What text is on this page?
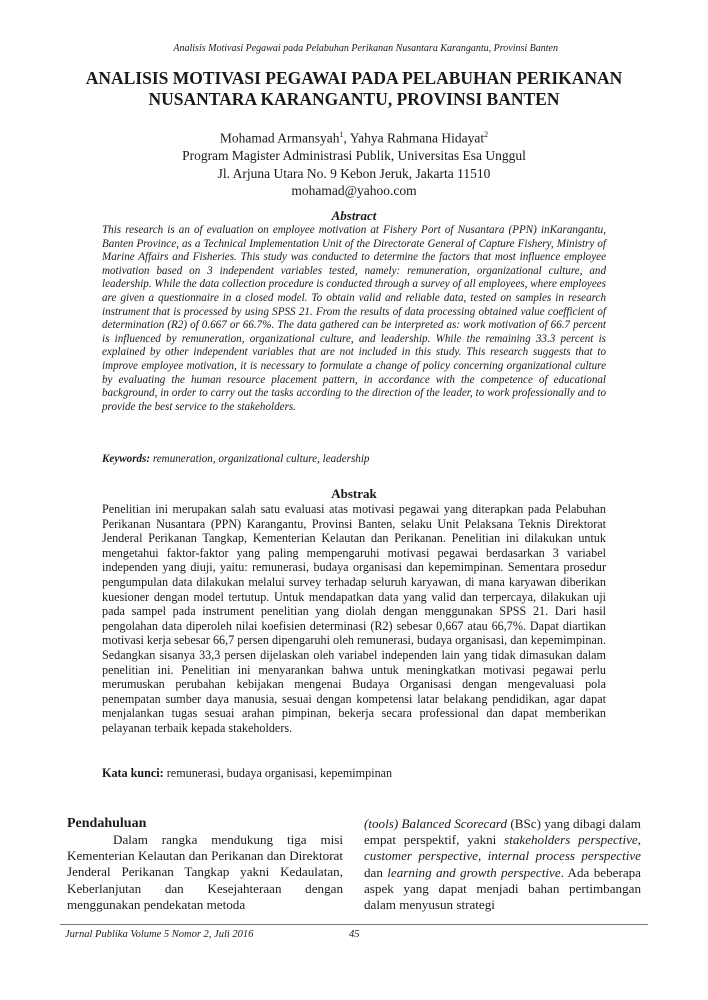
Analisis Motivasi Pegawai pada Pelabuhan Perikanan Nusantara Karangantu, Provinsi Banten
ANALISIS MOTIVASI PEGAWAI PADA PELABUHAN PERIKANAN
NUSANTARA KARANGANTU, PROVINSI BANTEN
Mohamad Armansyah$^1$, Yahya Rahmana Hidayat$^2$
Program Magister Administrasi Publik, Universitas Esa Unggul
Jl. Arjuna Utara No. 9 Kebon Jeruk, Jakarta 11510
mohamad@yahoo.com
Abstract
This research is an of evaluation on employee motivation at Fishery Port of Nusantara (PPN) inKarangantu, Banten Province, as a Technical Implementation Unit of the Directorate General of Capture Fishery, Ministry of Marine Affairs and Fisheries. This study was conducted to determine the factors that most influence employee motivation based on 3 independent variables tested, namely: remuneration, organizational culture, and leadership. While the data collection procedure is conducted through a survey of all employees, where employees are given a questionnaire in a closed model. To obtain valid and reliable data, tested on samples in research instrument that is processed by using SPSS 21. From the results of data processing obtained value coefficient of determination (R2) of 0.667 or 66.7%. The data gathered can be interpreted as: work motivation of 66.7 percent is influenced by remuneration, organizational culture, and leadership. While the remaining 33.3 percent is explained by other independent variables that are not included in this study. This research suggests that to improve employee motivation, it is necessary to formulate a change of policy concerning organizational culture by evaluating the human resource placement pattern, in accordance with the competence of educational background, in order to carry out the tasks according to the direction of the leader, to work professionally and to provide the best service to the stakeholders.
Keywords: remuneration, organizational culture, leadership
Abstrak
Penelitian ini merupakan salah satu evaluasi atas motivasi pegawai yang diterapkan pada Pelabuhan Perikanan Nusantara (PPN) Karangantu, Provinsi Banten, selaku Unit Pelaksana Teknis Direktorat Jenderal Perikanan Tangkap, Kementerian Kelautan dan Perikanan. Penelitian ini dilakukan untuk mengetahui faktor-faktor yang paling mempengaruhi motivasi pegawai berdasarkan 3 variabel independen yang diuji, yaitu: remunerasi, budaya organisasi dan kepemimpinan. Sementara prosedur pengumpulan data dilakukan melalui survey terhadap seluruh karyawan, di mana karyawan diberikan kuesioner dengan model tertutup. Untuk mendapatkan data yang valid dan terpercaya, dilakukan uji pada sampel pada instrument penelitian yang diolah dengan menggunakan SPSS 21. Dari hasil pengolahan data diperoleh nilai koefisien determinasi (R2) sebesar 0,667 atau 66,7%. Dapat diartikan motivasi kerja sebesar 66,7 persen dipengaruhi oleh remunerasi, budaya organisasi, dan kepemimpinan. Sedangkan sisanya 33,3 persen dijelaskan oleh variabel independen lain yang tidak dimasukan dalam penelitian ini. Penelitian ini menyarankan bahwa untuk meningkatkan motivasi pegawai perlu merumuskan perubahan kebijakan mengenai Budaya Organisasi dengan mengevaluasi pola penempatan sumber daya manusia, sesuai dengan kompetensi latar belakang pendidikan, agar dapat menjalankan tugas sesuai arahan pimpinan, bekerja secara professional dan dapat memberikan pelayanan terbaik kepada stakeholders.
Kata kunci: remunerasi, budaya organisasi, kepemimpinan
Pendahuluan

Dalam rangka mendukung tiga misi Kementerian Kelautan dan Perikanan dan Direktorat Jenderal Perikanan Tangkap yakni Kedaulatan, Keberlanjutan dan Kesejahteraan dengan menggunakan pendekatan metoda

(tools) Balanced Scorecard (BSc) yang dibagi dalam empat perspektif, yakni stakeholders perspective, customer perspective, internal process perspective dan learning and growth perspective. Ada beberapa aspek yang dapat menjadi bahan pertimbangan dalam menyusun strategi

Jurnal Publika Volume 5 Nomor 2, Juli 2016	45
